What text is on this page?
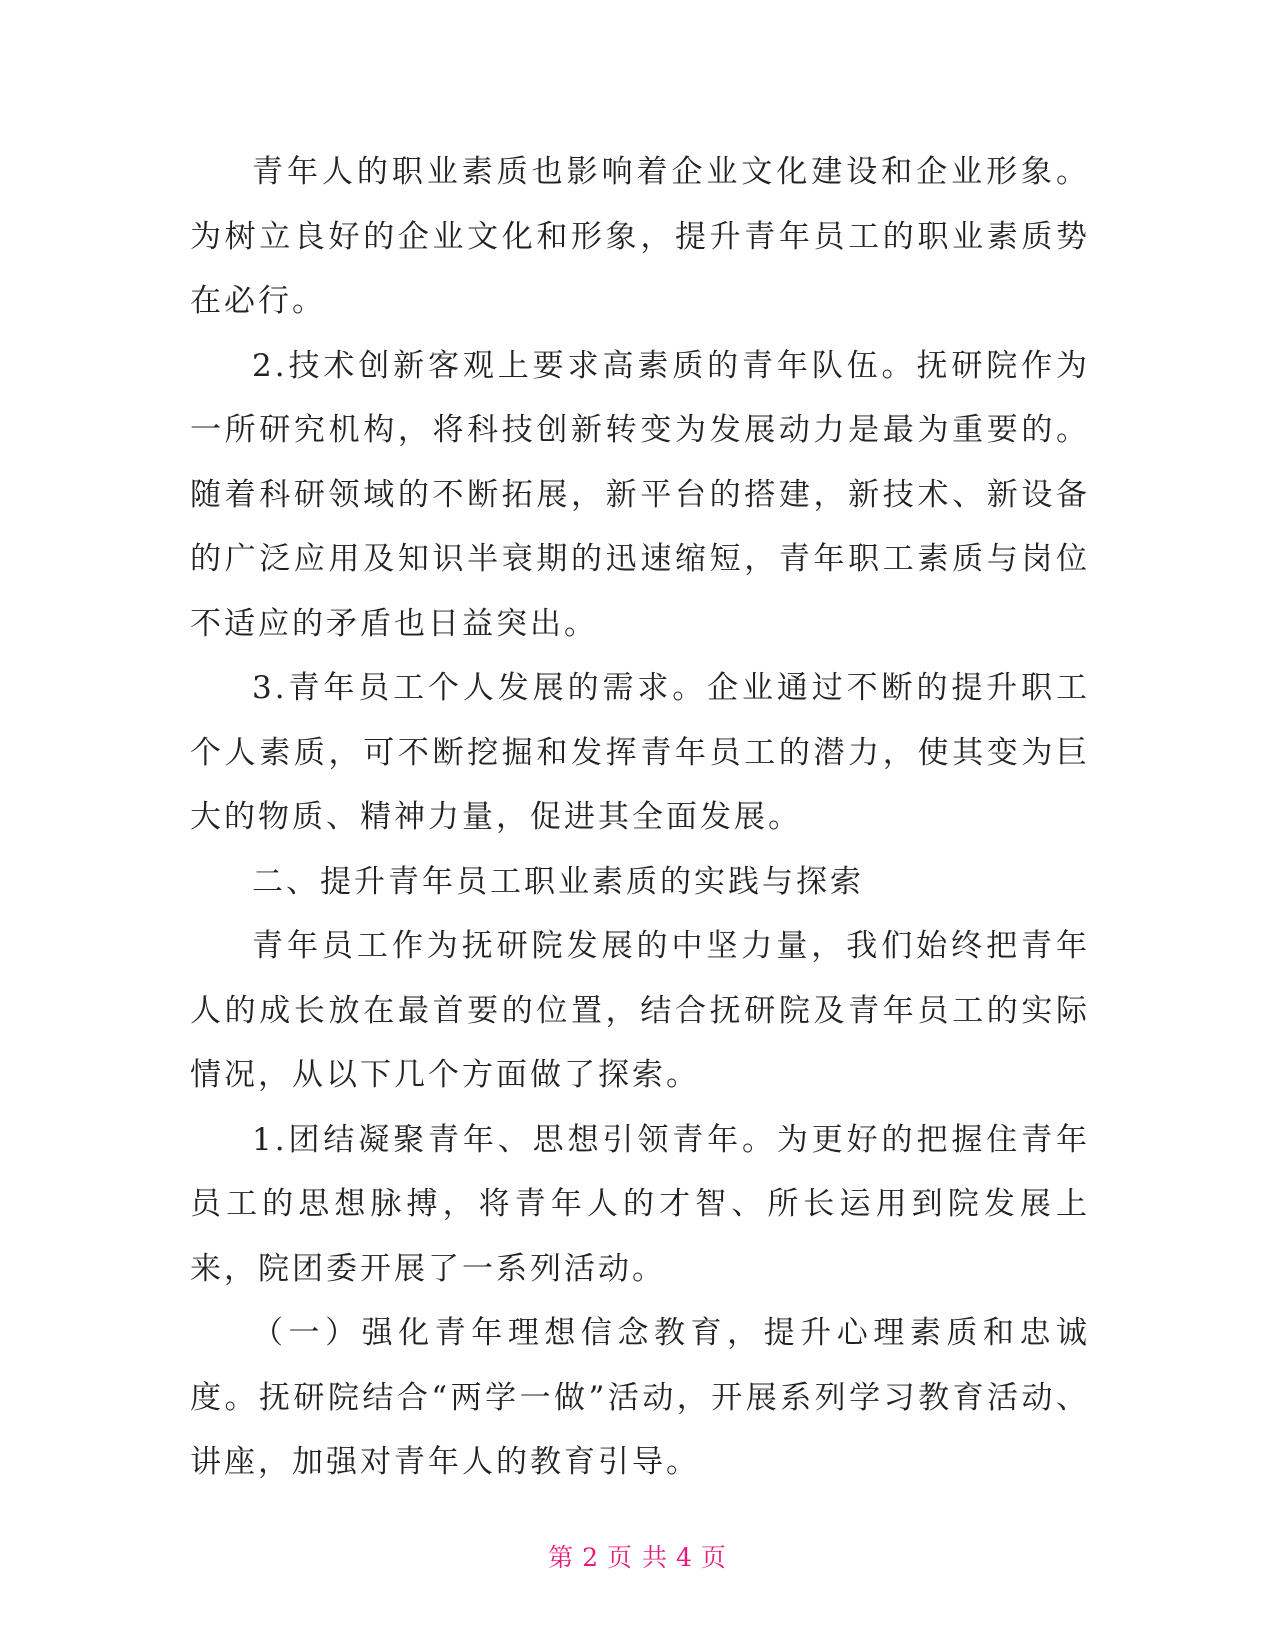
青年人的职业素质也影响着企业文化建设和企业形象。为树立良好的企业文化和形象，提升青年员工的职业素质势在必行。

2.技术创新客观上要求高素质的青年队伍。抚研院作为一所研究机构，将科技创新转变为发展动力是最为重要的。随着科研领域的不断拓展，新平台的搭建，新技术、新设备的广泛应用及知识半衰期的迅速缩短，青年职工素质与岗位不适应的矛盾也日益突出。

3.青年员工个人发展的需求。企业通过不断的提升职工个人素质，可不断挖掘和发挥青年员工的潜力，使其变为巨大的物质、精神力量，促进其全面发展。

二、提升青年员工职业素质的实践与探索

青年员工作为抚研院发展的中坚力量，我们始终把青年人的成长放在最首要的位置，结合抚研院及青年员工的实际情况，从以下几个方面做了探索。

1.团结凝聚青年、思想引领青年。为更好的把握住青年员工的思想脉搏，将青年人的才智、所长运用到院发展上来，院团委开展了一系列活动。

（一）强化青年理想信念教育，提升心理素质和忠诚度。抚研院结合“两学一做”活动，开展系列学习教育活动、讲座，加强对青年人的教育引导。

第 2 页 共 4 页
